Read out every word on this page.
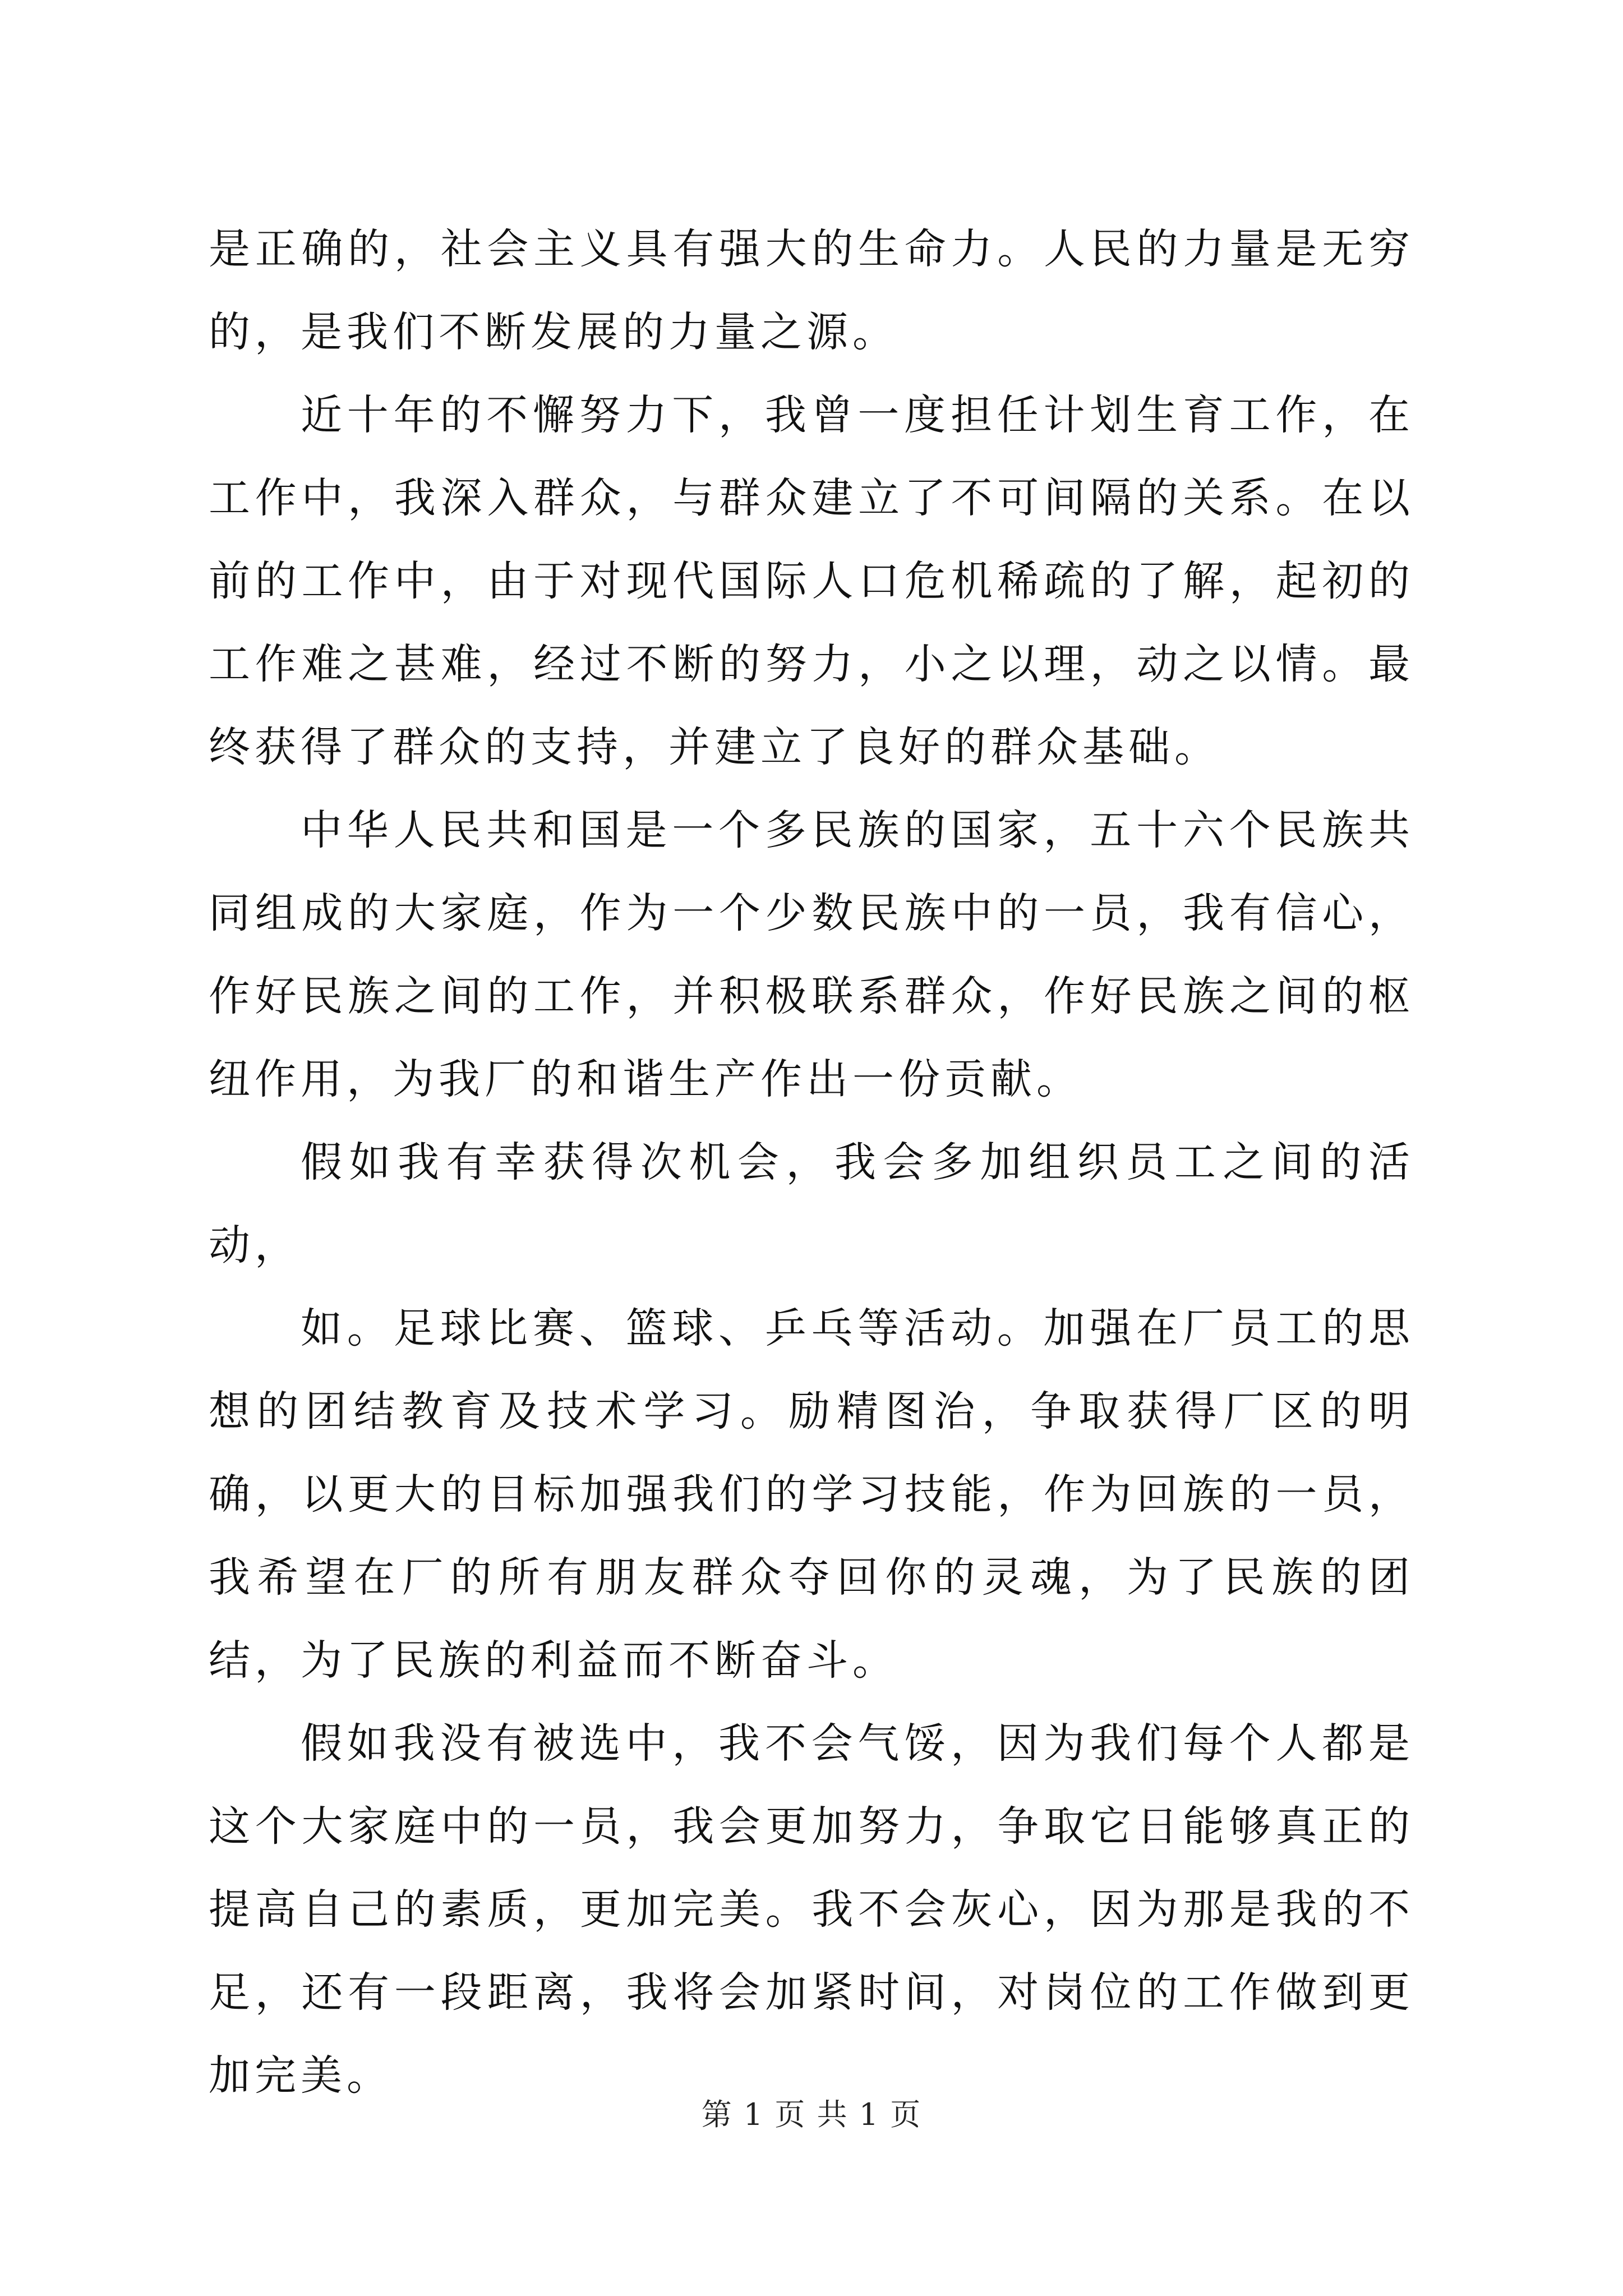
是正确的，社会主义具有强大的生命力。人民的力量是无穷的，是我们不断发展的力量之源。

近十年的不懈努力下，我曾一度担任计划生育工作，在工作中，我深入群众，与群众建立了不可间隔的关系。在以前的工作中，由于对现代国际人口危机稀疏的了解，起初的工作难之甚难，经过不断的努力，小之以理，动之以情。最终获得了群众的支持，并建立了良好的群众基础。

中华人民共和国是一个多民族的国家，五十六个民族共同组成的大家庭，作为一个少数民族中的一员，我有信心，作好民族之间的工作，并积极联系群众，作好民族之间的枢纽作用，为我厂的和谐生产作出一份贡献。

假如我有幸获得次机会，我会多加组织员工之间的活动，

如。足球比赛、篮球、乒乓等活动。加强在厂员工的思想的团结教育及技术学习。励精图治，争取获得厂区的明确，以更大的目标加强我们的学习技能，作为回族的一员，我希望在厂的所有朋友群众夺回你的灵魂，为了民族的团结，为了民族的利益而不断奋斗。

假如我没有被选中，我不会气馁，因为我们每个人都是这个大家庭中的一员，我会更加努力，争取它日能够真正的提高自己的素质，更加完美。我不会灰心，因为那是我的不足，还有一段距离，我将会加紧时间，对岗位的工作做到更加完美。

第 1 页 共 1 页
